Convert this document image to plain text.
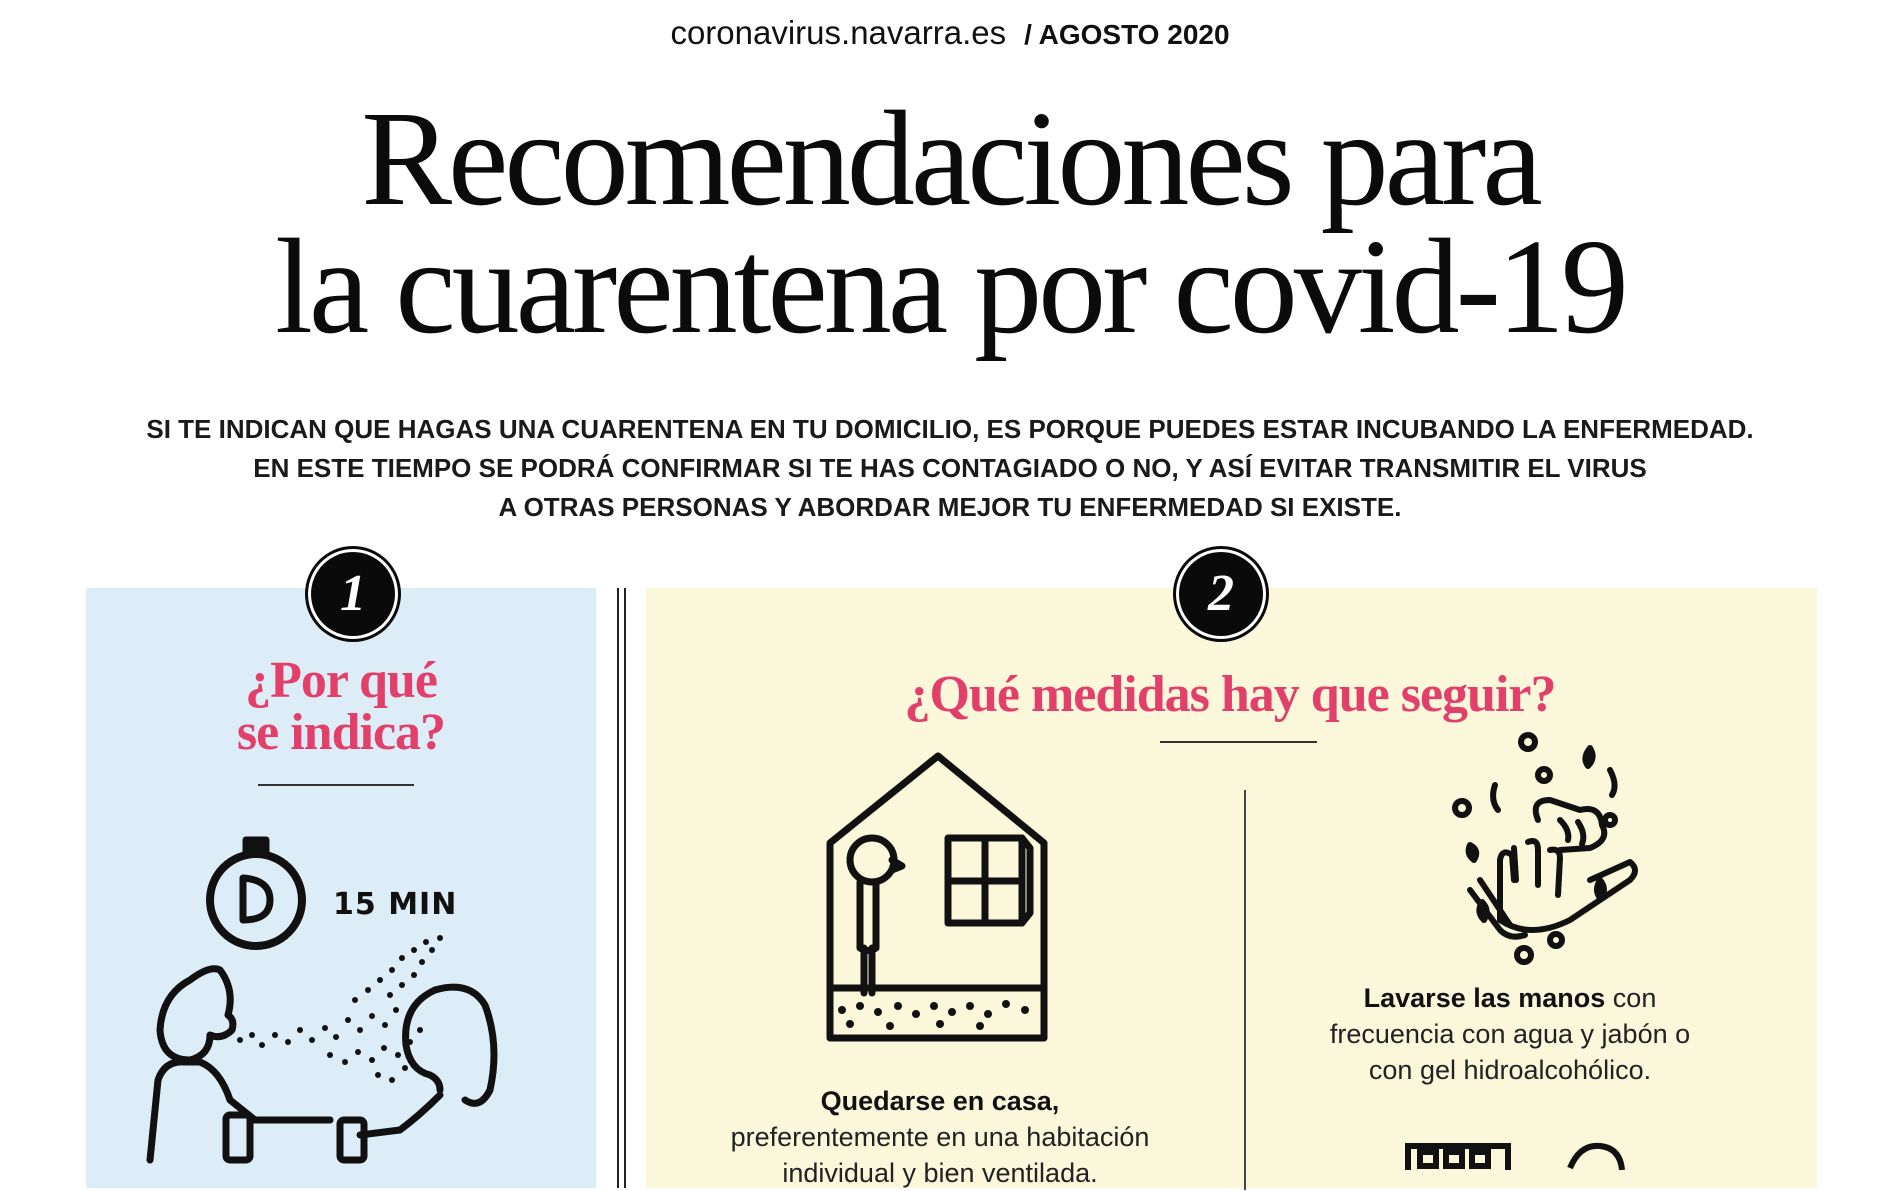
coronavirus.navarra.es / AGOSTO 2020
Recomendaciones para
la cuarentena por covid-19
SI TE INDICAN QUE HAGAS UNA CUARENTENA EN TU DOMICILIO, ES PORQUE PUEDES ESTAR INCUBANDO LA ENFERMEDAD.
EN ESTE TIEMPO SE PODRÁ CONFIRMAR SI TE HAS CONTAGIADO O NO, Y ASÍ EVITAR TRANSMITIR EL VIRUS
A OTRAS PERSONAS Y ABORDAR MEJOR TU ENFERMEDAD SI EXISTE.
1	2
¿Por qué
se indica?
15 MIN
¿Qué medidas hay que seguir?
Quedarse en casa,
preferentemente en una habitación
individual y bien ventilada.
Lavarse las manos con
frecuencia con agua y jabón o
con gel hidroalcohólico.
